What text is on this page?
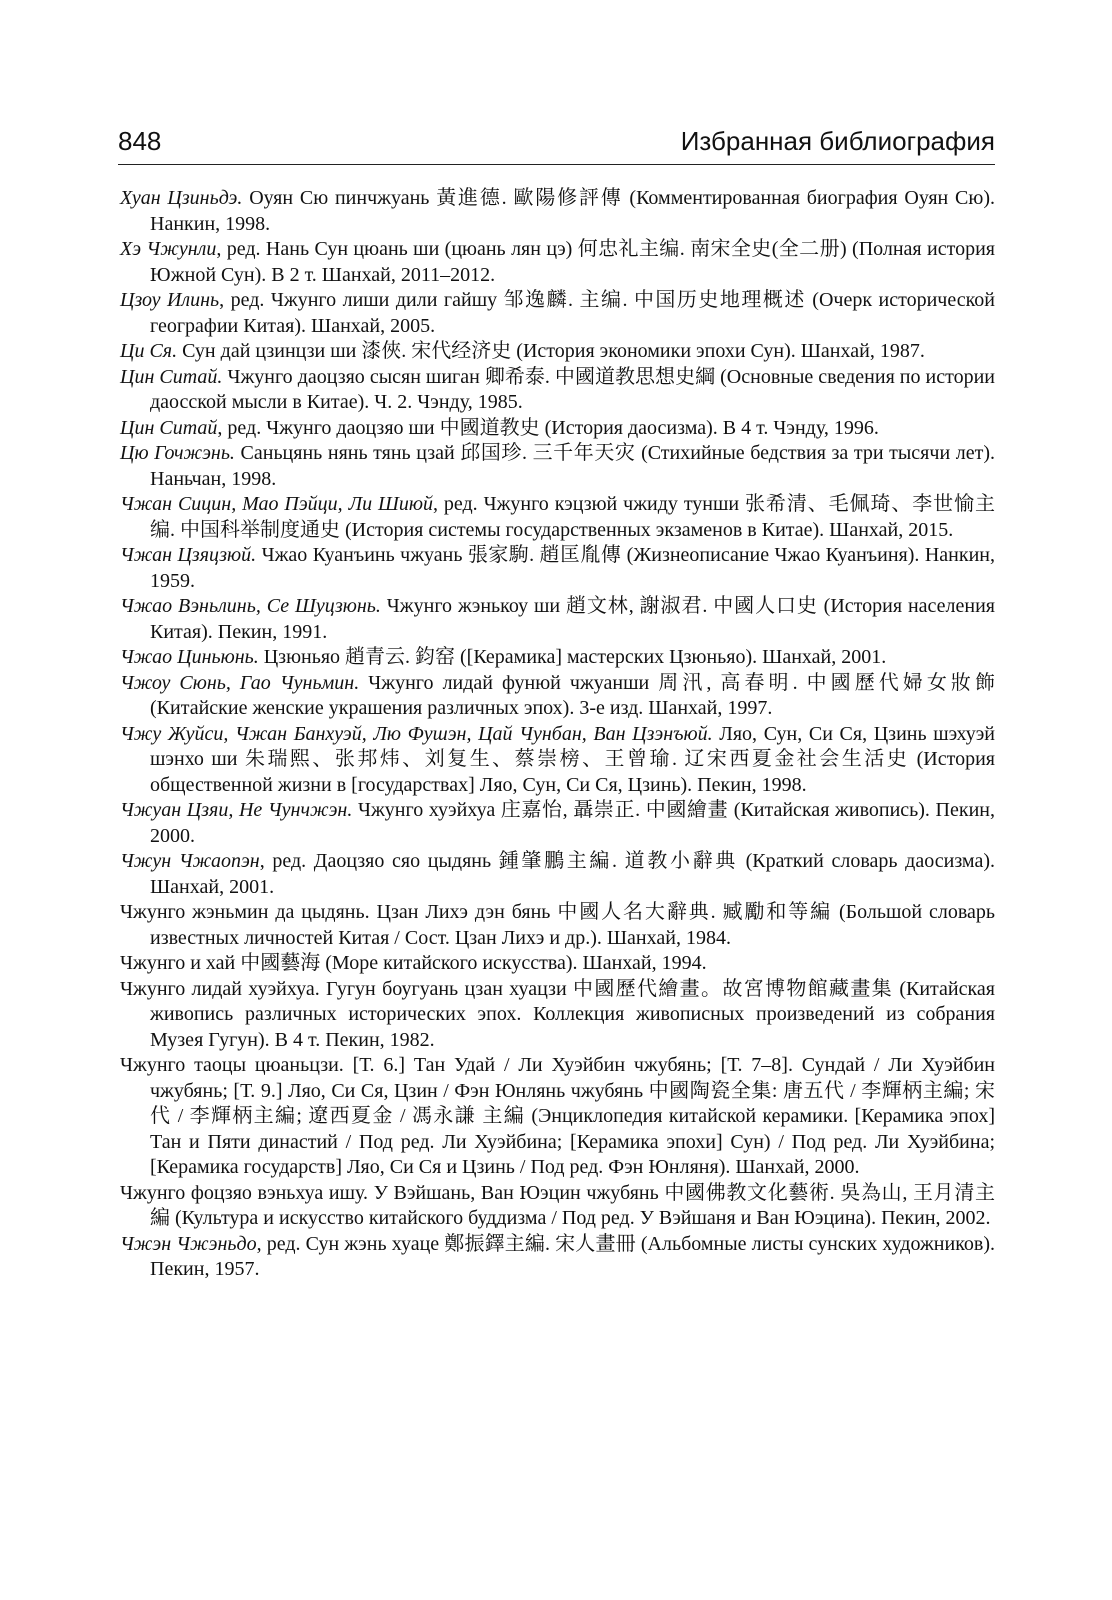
848	Избранная библиография
Хуан Цзиньдэ. Оуян Сю пинчжуань 黃進德. 歐陽修評傳 (Комментированная биография Оуян Сю). Нанкин, 1998.
Хэ Чжунли, ред. Нань Сун цюань ши (цюань лян цэ) 何忠礼主编. 南宋全史(全二册) (Полная история Южной Сун). В 2 т. Шанхай, 2011–2012.
Цзоу Илинь, ред. Чжунго лиши дили гайшу 邹逸麟. 主编. 中国历史地理概述 (Очерк исторической географии Китая). Шанхай, 2005.
Ци Ся. Сун дай цзинцзи ши 漆俠. 宋代经济史 (История экономики эпохи Сун). Шанхай, 1987.
Цин Ситай. Чжунго даоцзяо сысян шиган 卿希泰. 中國道教思想史綱 (Основные сведения по истории даосской мысли в Китае). Ч. 2. Чэнду, 1985.
Цин Ситай, ред. Чжунго даоцзяо ши 中國道教史 (История даосизма). В 4 т. Чэнду, 1996.
Цю Гочжэнь. Саньцянь нянь тянь цзай 邱国珍. 三千年天灾 (Стихийные бедствия за три тысячи лет). Наньчан, 1998.
Чжан Сицин, Мао Пэйци, Ли Шиюй, ред. Чжунго кэцзюй чжиду тунши 张希清、毛佩琦、李世愉主编. 中国科举制度通史 (История системы государственных экзаменов в Китае). Шанхай, 2015.
Чжан Цзяцзюй. Чжао Куанъинь чжуань 張家駒. 趙匡胤傳 (Жизнеописание Чжао Куанъиня). Нанкин, 1959.
Чжао Вэньлинь, Се Шуцзюнь. Чжунго жэнькоу ши 趙文林, 謝淑君. 中國人口史 (История населения Китая). Пекин, 1991.
Чжао Циньюнь. Цзюньяо 趙青云. 鈞窑 ([Керамика] мастерских Цзюньяо). Шанхай, 2001.
Чжоу Сюнь, Гао Чуньмин. Чжунго лидай фунюй чжуанши 周汛, 高春明. 中國歷代婦女妝飾 (Китайские женские украшения различных эпох). 3-е изд. Шанхай, 1997.
Чжу Жуйси, Чжан Банхуэй, Лю Фушэн, Цай Чунбан, Ван Цзэнъюй. Ляо, Сун, Си Ся, Цзинь шэхуэй шэнхо ши 朱瑞熙、张邦炜、刘复生、蔡崇榜、王曾瑜. 辽宋西夏金社会生活史 (История общественной жизни в [государствах] Ляо, Сун, Си Ся, Цзинь). Пекин, 1998.
Чжуан Цзяи, Не Чунчжэн. Чжунго хуэйхуа 庄嘉怡, 聶崇正. 中國繪畫 (Китайская живопись). Пекин, 2000.
Чжун Чжаопэн, ред. Даоцзяо сяо цыдянь 鍾肇鵬主編. 道教小辭典 (Краткий словарь даосизма). Шанхай, 2001.
Чжунго жэньмин да цыдянь. Цзан Лихэ дэн бянь 中國人名大辭典. 臧勵和等編 (Большой словарь известных личностей Китая / Сост. Цзан Лихэ и др.). Шанхай, 1984.
Чжунго и хай 中國藝海 (Море китайского искусства). Шанхай, 1994.
Чжунго лидай хуэйхуа. Гугун боугуань цзан хуацзи 中國歷代繪畫。故宮博物館藏畫集 (Китайская живопись различных исторических эпох. Коллекция живописных произведений из собрания Музея Гугун). В 4 т. Пекин, 1982.
Чжунго таоцы цюаньцзи. [Т. 6.] Тан Удай / Ли Хуэйбин чжубянь; [Т. 7–8]. Сундай / Ли Хуэйбин чжубянь; [Т. 9.] Ляо, Си Ся, Цзин / Фэн Юнлянь чжубянь 中國陶瓷全集: 唐五代 / 李輝柄主編; 宋代 / 李輝柄主編; 遼西夏金 / 馮永謙 主編 (Энциклопедия китайской керамики. [Керамика эпох] Тан и Пяти династий / Под ред. Ли Хуэйбина; [Керамика эпохи] Сун) / Под ред. Ли Хуэйбина; [Керамика государств] Ляо, Си Ся и Цзинь / Под ред. Фэн Юнляня). Шанхай, 2000.
Чжунго фоцзяо вэньхуа ишу. У Вэйшань, Ван Юэцин чжубянь 中國佛教文化藝術. 吳為山, 王月清主編 (Культура и искусство китайского буддизма / Под ред. У Вэйшаня и Ван Юэцина). Пекин, 2002.
Чжэн Чжэньдо, ред. Сун жэнь хуаце 鄭振鐸主編. 宋人畫冊 (Альбомные листы сунских художников). Пекин, 1957.
